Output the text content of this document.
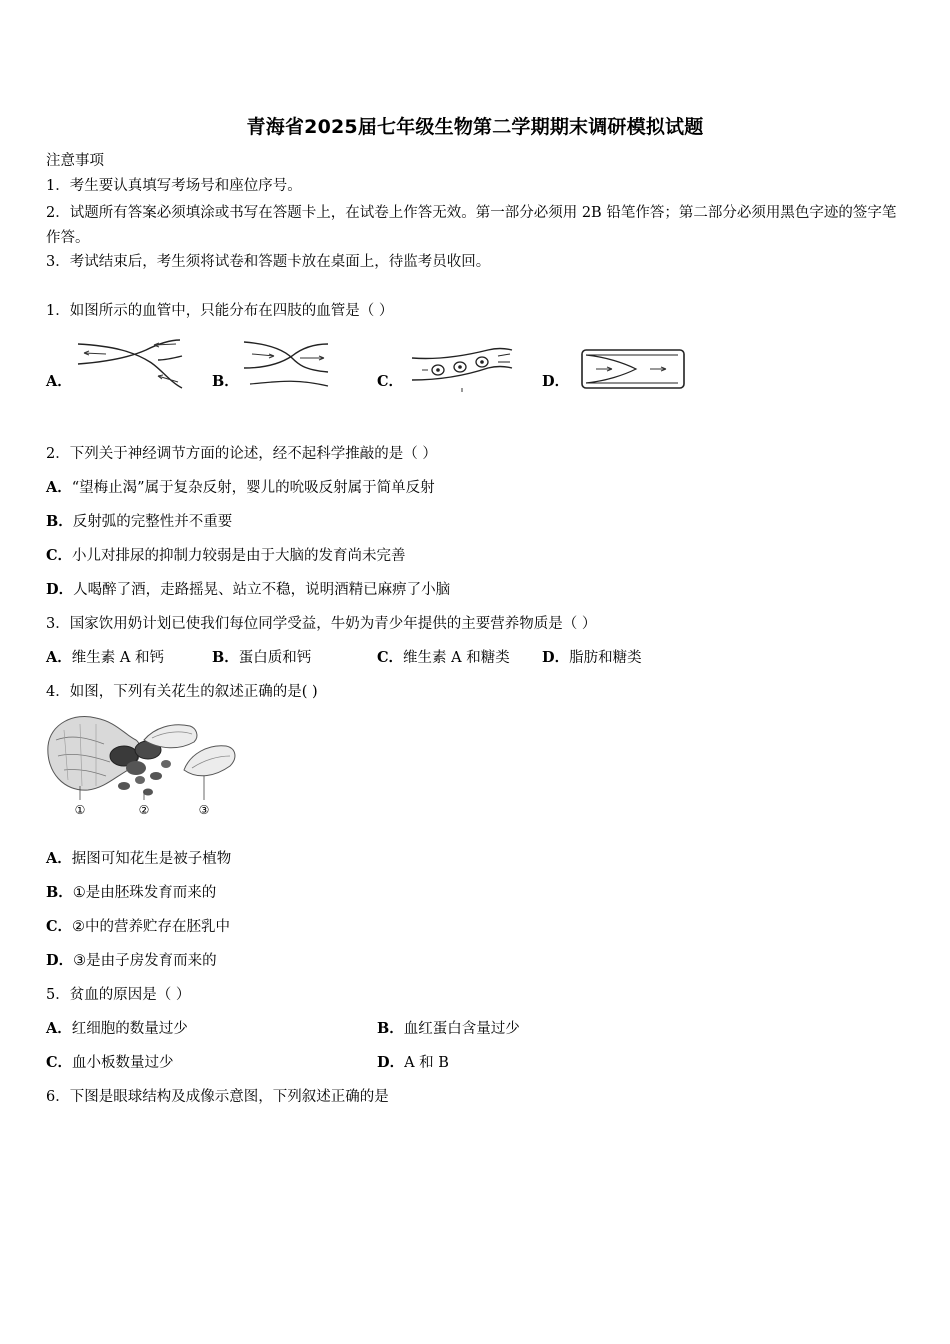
青海省2025届七年级生物第二学期期末调研模拟试题
注意事项
1．考生要认真填写考场号和座位序号。
2．试题所有答案必须填涂或书写在答题卡上，在试卷上作答无效。第一部分必须用 2B 铅笔作答；第二部分必须用黑色字迹的签字笔作答。
3．考试结束后，考生须将试卷和答题卡放在桌面上，待监考员收回。
1．如图所示的血管中，只能分布在四肢的血管是（ ）
A．	B．	C．	D．
2．下列关于神经调节方面的论述，经不起科学推敲的是（ ）
A．“望梅止渴”属于复杂反射，婴儿的吮吸反射属于简单反射
B．反射弧的完整性并不重要
C．小儿对排尿的抑制力较弱是由于大脑的发育尚未完善
D．人喝醉了酒，走路摇晃、站立不稳，说明酒精已麻痹了小脑
3．国家饮用奶计划已使我们每位同学受益，牛奶为青少年提供的主要营养物质是（ ）
A．维生素 A 和钙	B．蛋白质和钙	C．维生素 A 和糖类 D．脂肪和糖类
4．如图，下列有关花生的叙述正确的是( )
①	②	③
A．据图可知花生是被子植物
B．①是由胚珠发育而来的
C．②中的营养贮存在胚乳中
D．③是由子房发育而来的
5．贫血的原因是（ ）
A．红细胞的数量过少	B．血红蛋白含量过少
C．血小板数量过少	D．A 和 B
6．下图是眼球结构及成像示意图，下列叙述正确的是
